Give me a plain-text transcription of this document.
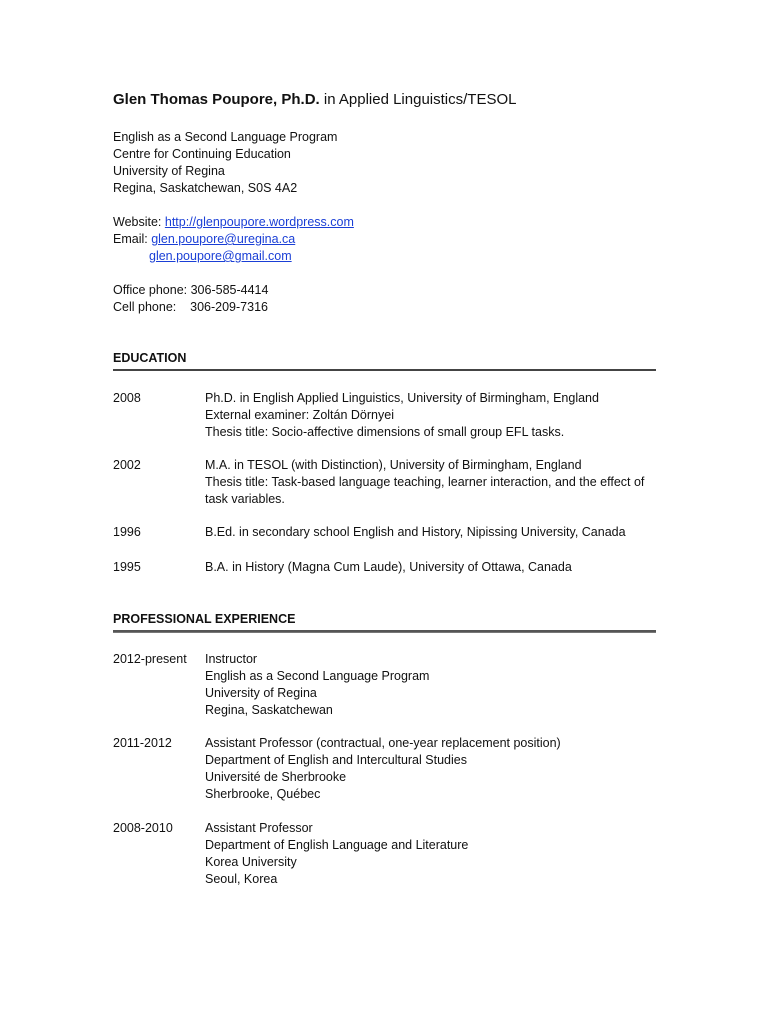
Glen Thomas Poupore, Ph.D. in Applied Linguistics/TESOL
English as a Second Language Program
Centre for Continuing Education
University of Regina
Regina, Saskatchewan, S0S 4A2
Website: http://glenpoupore.wordpress.com
Email: glen.poupore@uregina.ca
glen.poupore@gmail.com
Office phone: 306-585-4414
Cell phone:    306-209-7316
EDUCATION
2008	Ph.D. in English Applied Linguistics, University of Birmingham, England
External examiner: Zoltán Dörnyei
Thesis title: Socio-affective dimensions of small group EFL tasks.
2002	M.A. in TESOL (with Distinction), University of Birmingham, England
Thesis title: Task-based language teaching, learner interaction, and the effect of task variables.
1996	B.Ed. in secondary school English and History, Nipissing University, Canada
1995	B.A. in History (Magna Cum Laude), University of Ottawa, Canada
PROFESSIONAL EXPERIENCE
2012-present	Instructor
English as a Second Language Program
University of Regina
Regina, Saskatchewan
2011-2012	Assistant Professor (contractual, one-year replacement position)
Department of English and Intercultural Studies
Université de Sherbrooke
Sherbrooke, Québec
2008-2010	Assistant Professor
Department of English Language and Literature
Korea University
Seoul, Korea
